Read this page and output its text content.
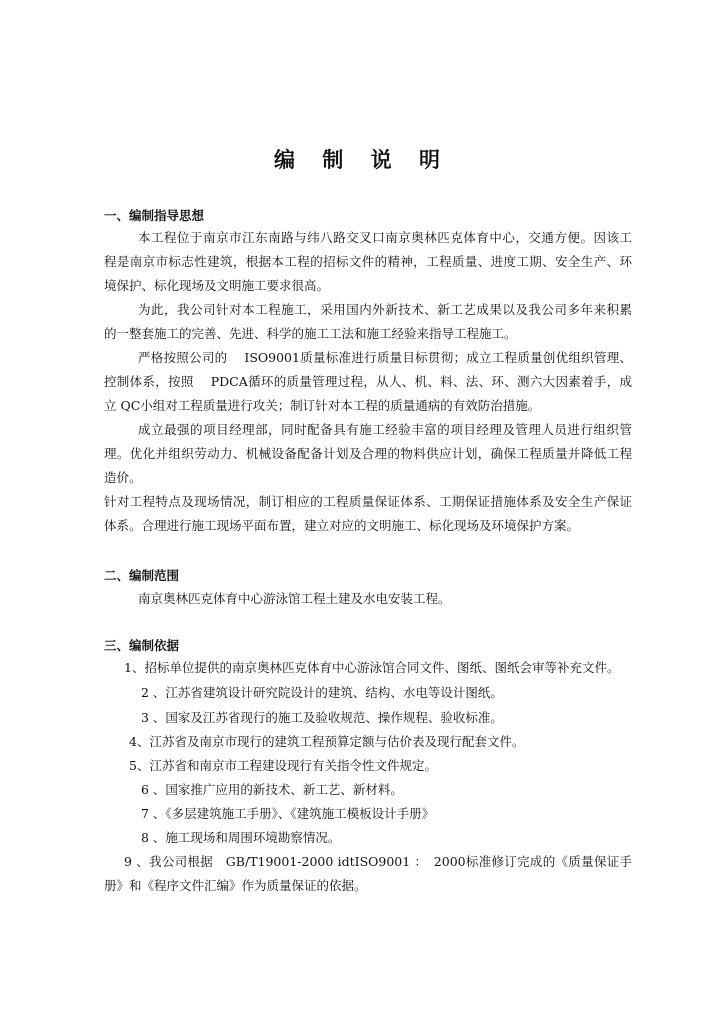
编 制 说 明
一、编制指导思想
本工程位于南京市江东南路与纬八路交叉口南京奥林匹克体育中心，交通方便。因该工
程是南京市标志性建筑，根据本工程的招标文件的精神，工程质量、进度工期、安全生产、环
境保护、标化现场及文明施工要求很高。
为此，我公司针对本工程施工，采用国内外新技术、新工艺成果以及我公司多年来积累
的一整套施工的完善、先进、科学的施工工法和施工经验来指导工程施工。
严格按照公司的　 ISO9001质量标准进行质量目标贯彻；成立工程质量创优组织管理、
控制体系，按照　 PDCA循环的质量管理过程，从人、机、料、法、环、测六大因素着手，成
立 QC小组对工程质量进行攻关；制订针对本工程的质量通病的有效防治措施。
成立最强的项目经理部，同时配备具有施工经验丰富的项目经理及管理人员进行组织管
理。优化并组织劳动力、机械设备配备计划及合理的物料供应计划，确保工程质量并降低工程
造价。
针对工程特点及现场情况，制订相应的工程质量保证体系、工期保证措施体系及安全生产保证
体系。合理进行施工现场平面布置，建立对应的文明施工、标化现场及环境保护方案。
二、编制范围
南京奥林匹克体育中心游泳馆工程土建及水电安装工程。
三、编制依据
1、招标单位提供的南京奥林匹克体育中心游泳馆合同文件、图纸、图纸会审等补充文件。
2 、江苏省建筑设计研究院设计的建筑、结构、水电等设计图纸。
3 、国家及江苏省现行的施工及验收规范、操作规程、验收标准。
4、江苏省及南京市现行的建筑工程预算定额与估价表及现行配套文件。
5、江苏省和南京市工程建设现行有关指令性文件规定。
6 、国家推广应用的新技术、新工艺、新材料。
7 、《多层建筑施工手册》、《建筑施工模板设计手册》
8 、施工现场和周围环境勘察情况。
9 、我公司根据　GB/T19001-2000 idtISO9001 ：　2000标准修订完成的《质量保证手
册》和《程序文件汇编》作为质量保证的依据。
